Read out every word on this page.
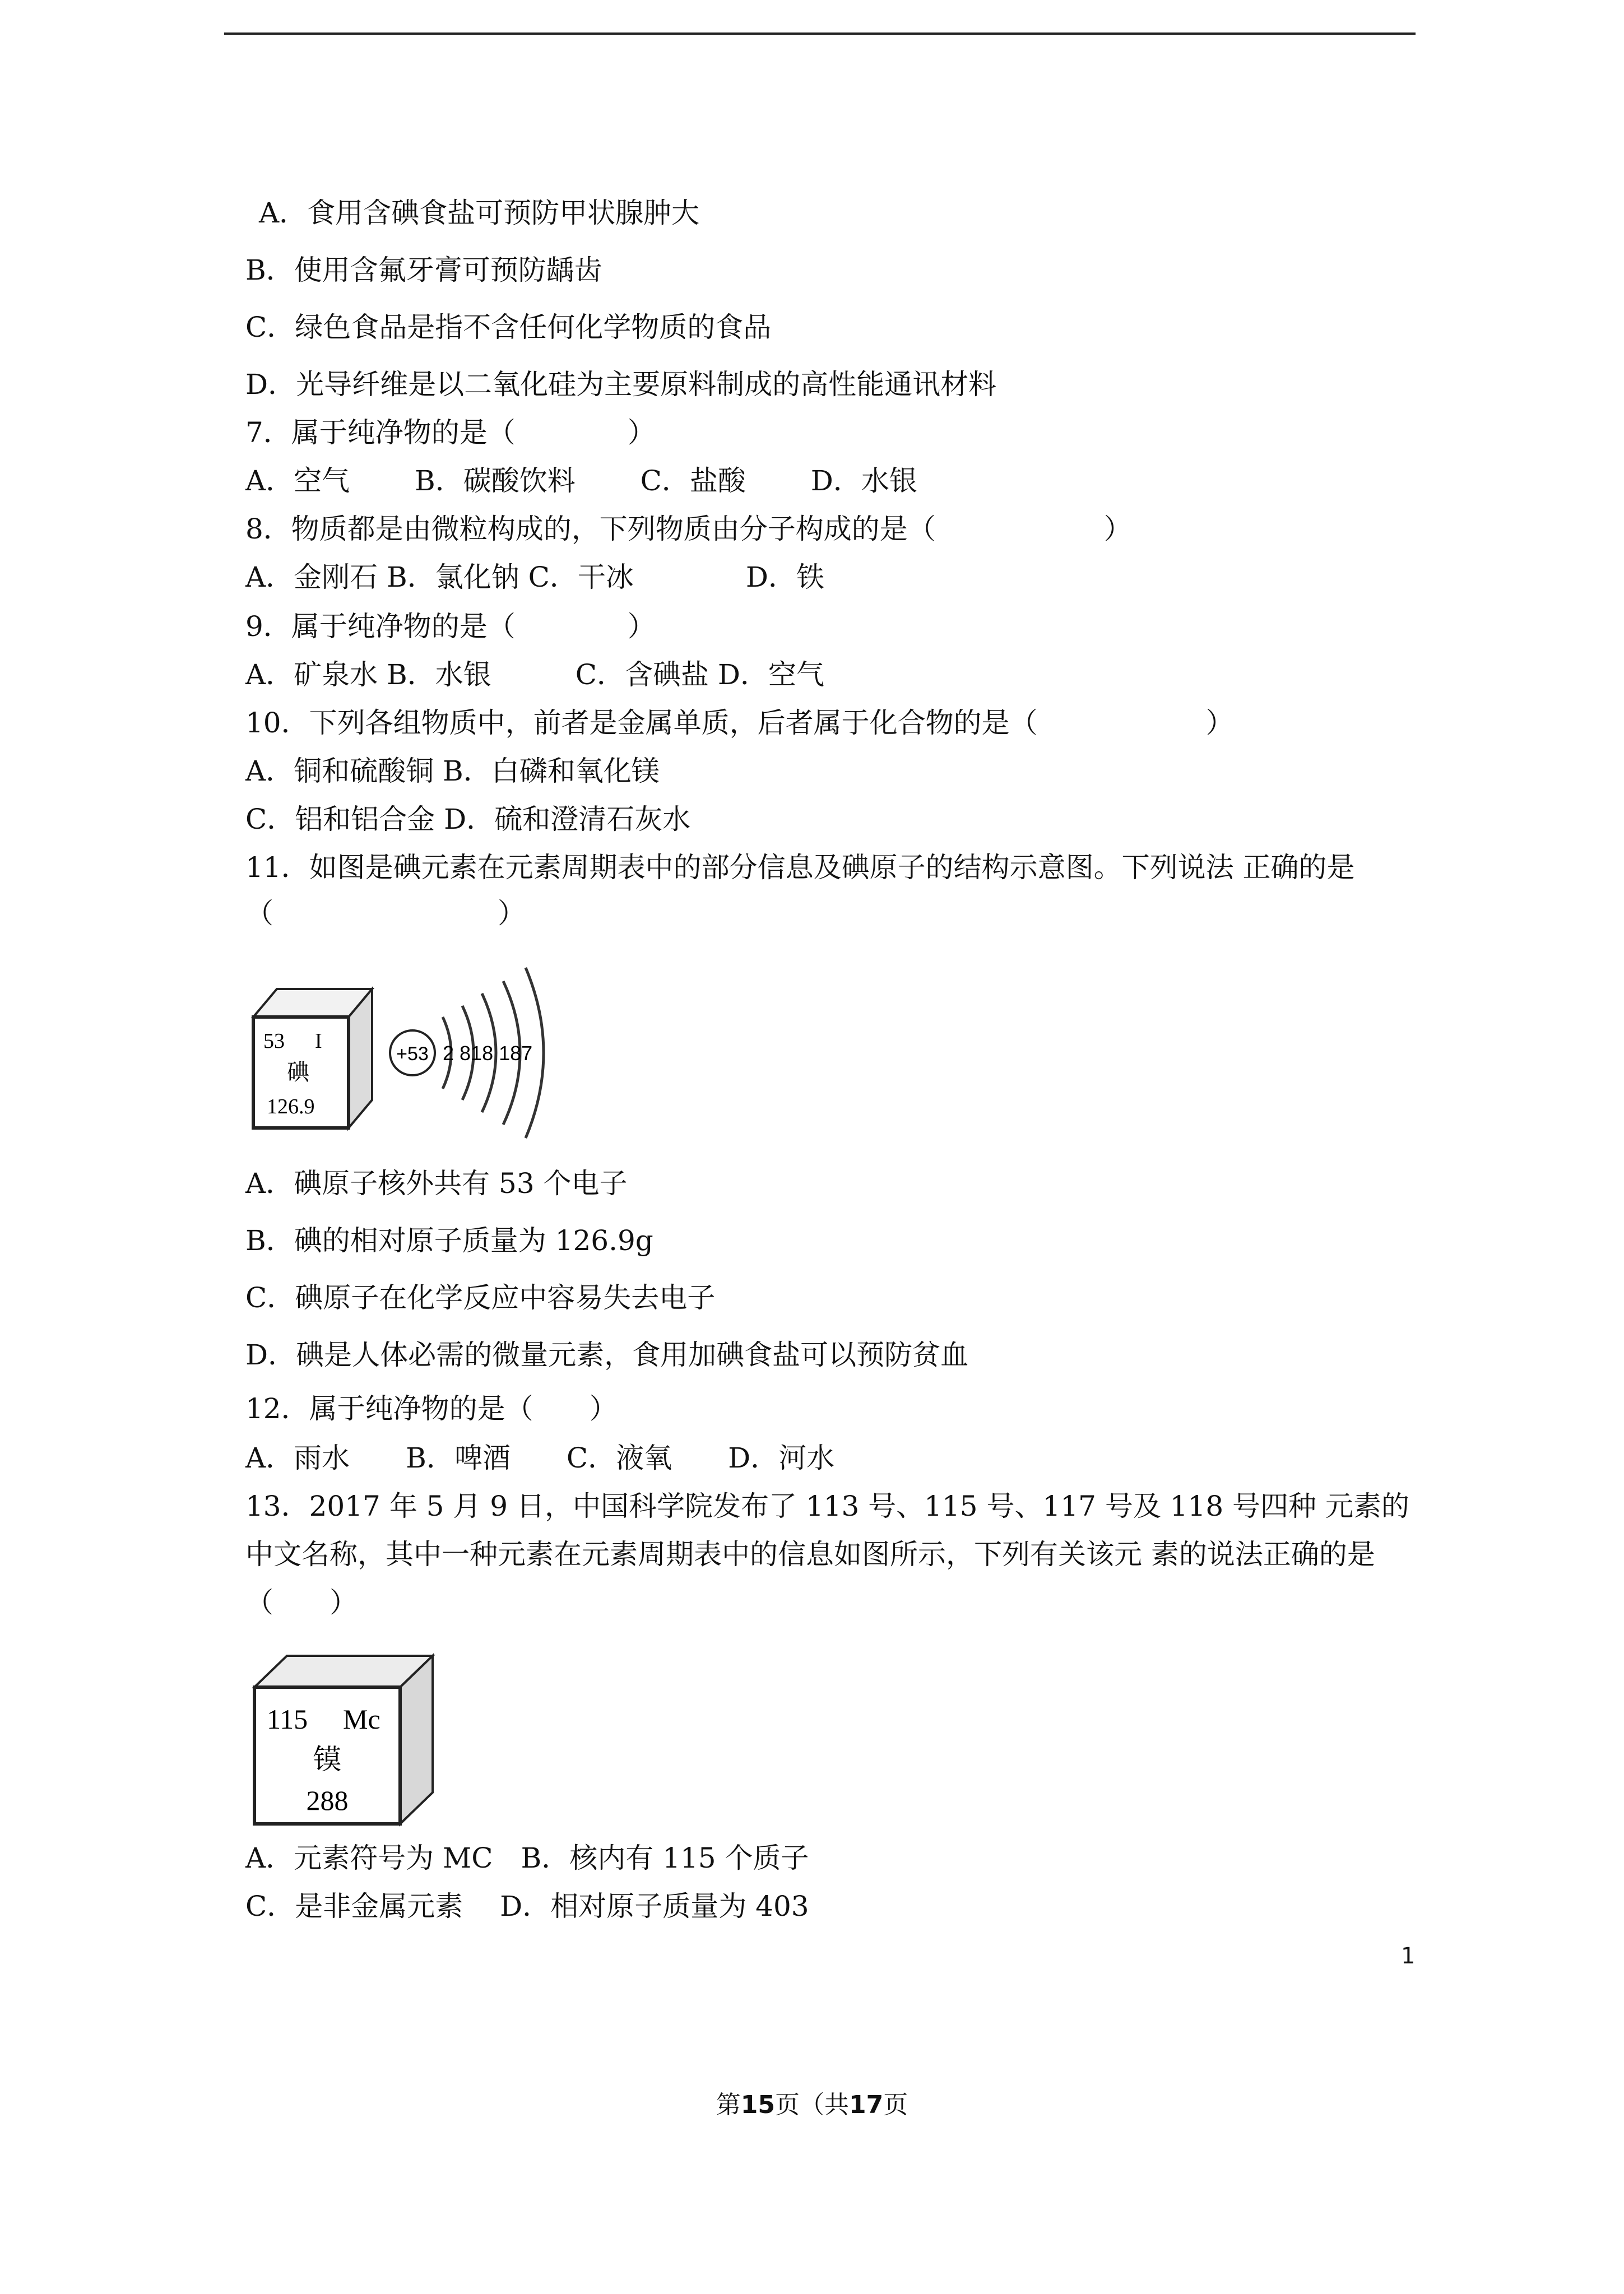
A．食用含碘食盐可预防甲状腺肿大
B．使用含氟牙膏可预防龋齿
C．绿色食品是指不含任何化学物质的食品
D．光导纤维是以二氧化硅为主要原料制成的高性能通讯材料
7．属于纯净物的是（　　　　）
A．空气　　 B．碳酸饮料　　 C．盐酸　　 D．水银
8．物质都是由微粒构成的，下列物质由分子构成的是（　　　　　　）
A．金刚石 B．氯化钠 C．干冰　　　　D．铁
9．属于纯净物的是（　　　　）
A．矿泉水 B．水银　　　C．含碘盐 D．空气
10．下列各组物质中，前者是金属单质，后者属于化合物的是（　　　　　　）
A．铜和硫酸铜 B．白磷和氧化镁
C．铝和铝合金 D．硫和澄清石灰水
11．如图是碘元素在元素周期表中的部分信息及碘原子的结构示意图。下列说法 正确的是
（　　　　　　　　）
53 I
碘
126.9
+53 2 818 187
A．碘原子核外共有 53 个电子
B．碘的相对原子质量为 126.9g
C．碘原子在化学反应中容易失去电子
D．碘是人体必需的微量元素，食用加碘食盐可以预防贫血
12．属于纯净物的是（　　）
A．雨水　　B．啤酒　　C．液氧　　D．河水
13．2017 年 5 月 9 日，中国科学院发布了 113 号、115 号、117 号及 118 号四种 元素的
中文名称，其中一种元素在元素周期表中的信息如图所示，下列有关该元 素的说法正确的是
（　　）
115 Mc
镆
288
A．元素符号为 MC　B．核内有 115 个质子
C．是非金属元素　 D．相对原子质量为 403
1
第15页（共17页
